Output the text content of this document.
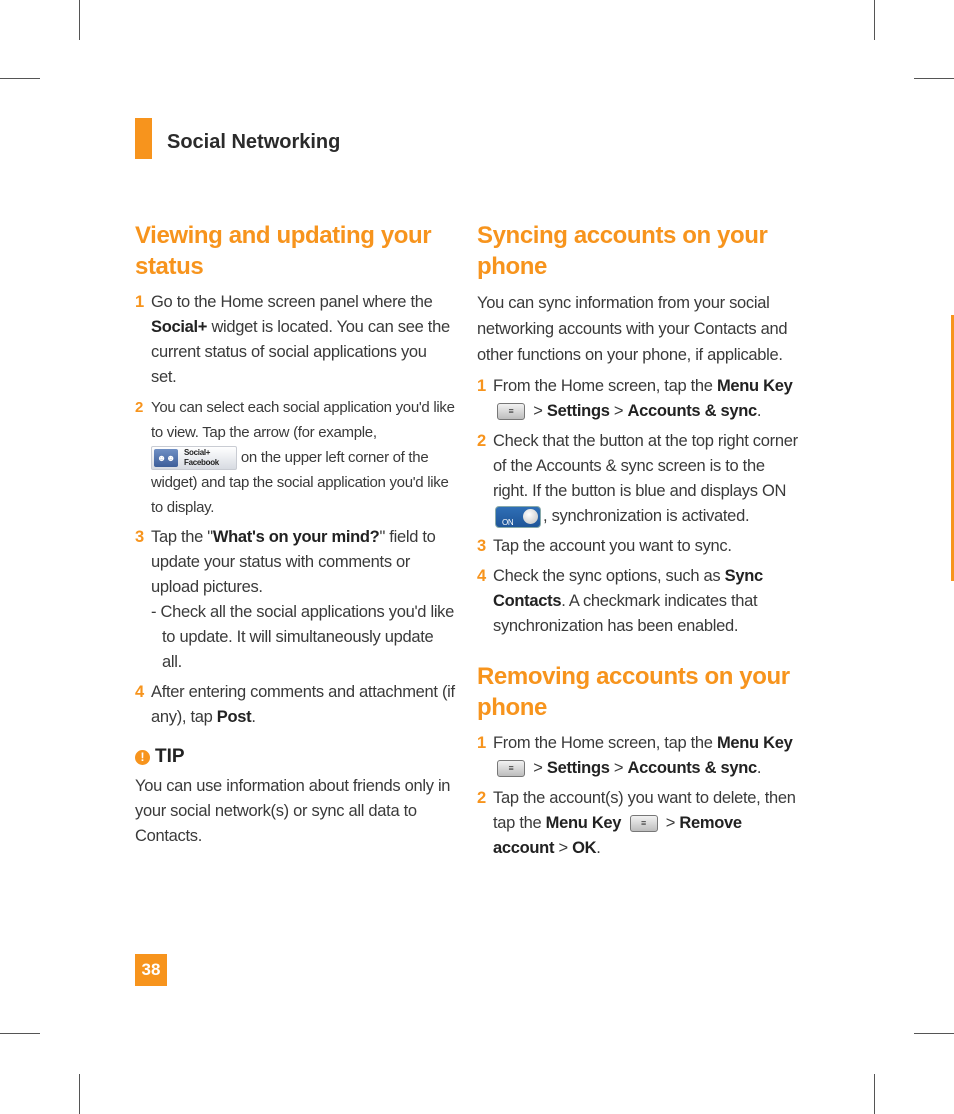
Social Networking
Viewing and updating your status
1 Go to the Home screen panel where the Social+ widget is located. You can see the current status of social applications you set.
2 You can select each social application you'd like to view. Tap the arrow (for example,
☻☻
Social+
Facebook on the upper left corner of the widget) and tap the social application you'd like to display.
3 Tap the "What's on your mind?" field to update your status with comments or upload pictures.
- Check all the social applications you'd like to update. It will simultaneously update all.
4 After entering comments and attachment (if any), tap Post.
! TIP

You can use information about friends only in your social network(s) or sync all data to Contacts.

Syncing accounts on your phone

You can sync information from your social networking accounts with your Contacts and other functions on your phone, if applicable.

1 From the Home screen, tap the Menu Key
≡ > Settings > Accounts & sync.
2 Check that the button at the top right corner of the Accounts & sync screen is to the right. If the button is blue and displays ON
ON , synchronization is activated.
3 Tap the account you want to sync.
4 Check the sync options, such as Sync Contacts. A checkmark indicates that synchronization has been enabled.
Removing accounts on your phone
1 From the Home screen, tap the Menu Key
≡ > Settings > Accounts & sync.
2 Tap the account(s) you want to delete, then tap the Menu Key ≡ > Remove account > OK.
38
